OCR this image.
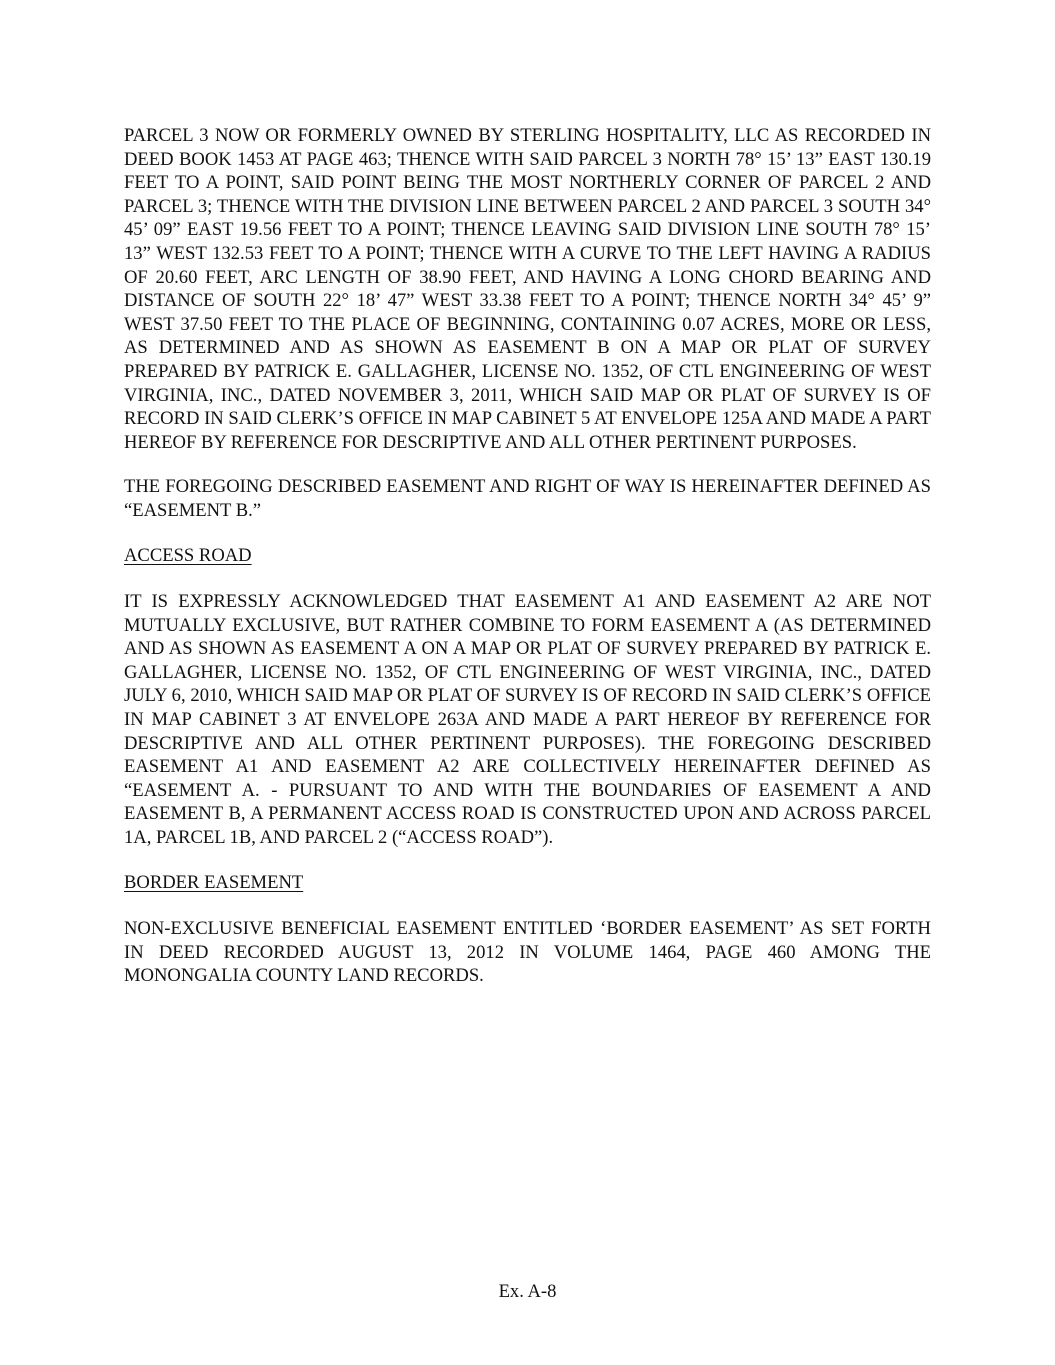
PARCEL 3 NOW OR FORMERLY OWNED BY STERLING HOSPITALITY, LLC AS RECORDED IN DEED BOOK 1453 AT PAGE 463; THENCE WITH SAID PARCEL 3 NORTH 78° 15’ 13” EAST 130.19 FEET TO A POINT, SAID POINT BEING THE MOST NORTHERLY CORNER OF PARCEL 2 AND PARCEL 3; THENCE WITH THE DIVISION LINE BETWEEN PARCEL 2 AND PARCEL 3 SOUTH 34° 45’ 09” EAST 19.56 FEET TO A POINT; THENCE LEAVING SAID DIVISION LINE SOUTH 78° 15’ 13” WEST 132.53 FEET TO A POINT; THENCE WITH A CURVE TO THE LEFT HAVING A RADIUS OF 20.60 FEET, ARC LENGTH OF 38.90 FEET, AND HAVING A LONG CHORD BEARING AND DISTANCE OF SOUTH 22° 18’ 47” WEST 33.38 FEET TO A POINT; THENCE NORTH 34° 45’ 9” WEST 37.50 FEET TO THE PLACE OF BEGINNING, CONTAINING 0.07 ACRES, MORE OR LESS, AS DETERMINED AND AS SHOWN AS EASEMENT B ON A MAP OR PLAT OF SURVEY PREPARED BY PATRICK E. GALLAGHER, LICENSE NO. 1352, OF CTL ENGINEERING OF WEST VIRGINIA, INC., DATED NOVEMBER 3, 2011, WHICH SAID MAP OR PLAT OF SURVEY IS OF RECORD IN SAID CLERK’S OFFICE IN MAP CABINET 5 AT ENVELOPE 125A AND MADE A PART HEREOF BY REFERENCE FOR DESCRIPTIVE AND ALL OTHER PERTINENT PURPOSES.

THE FOREGOING DESCRIBED EASEMENT AND RIGHT OF WAY IS HEREINAFTER DEFINED AS “EASEMENT B.”

ACCESS ROAD

IT IS EXPRESSLY ACKNOWLEDGED THAT EASEMENT A1 AND EASEMENT A2 ARE NOT MUTUALLY EXCLUSIVE, BUT RATHER COMBINE TO FORM EASEMENT A (AS DETERMINED AND AS SHOWN AS EASEMENT A ON A MAP OR PLAT OF SURVEY PREPARED BY PATRICK E. GALLAGHER, LICENSE NO. 1352, OF CTL ENGINEERING OF WEST VIRGINIA, INC., DATED JULY 6, 2010, WHICH SAID MAP OR PLAT OF SURVEY IS OF RECORD IN SAID CLERK’S OFFICE IN MAP CABINET 3 AT ENVELOPE 263A AND MADE A PART HEREOF BY REFERENCE FOR DESCRIPTIVE AND ALL OTHER PERTINENT PURPOSES). THE FOREGOING DESCRIBED EASEMENT A1 AND EASEMENT A2 ARE COLLECTIVELY HEREINAFTER DEFINED AS “EASEMENT A. - PURSUANT TO AND WITH THE BOUNDARIES OF EASEMENT A AND EASEMENT B, A PERMANENT ACCESS ROAD IS CONSTRUCTED UPON AND ACROSS PARCEL 1A, PARCEL 1B, AND PARCEL 2 (“ACCESS ROAD”).

BORDER EASEMENT

NON-EXCLUSIVE BENEFICIAL EASEMENT ENTITLED ‘BORDER EASEMENT’ AS SET FORTH IN DEED RECORDED AUGUST 13, 2012 IN VOLUME 1464, PAGE 460 AMONG THE MONONGALIA COUNTY LAND RECORDS.

Ex. A-8
